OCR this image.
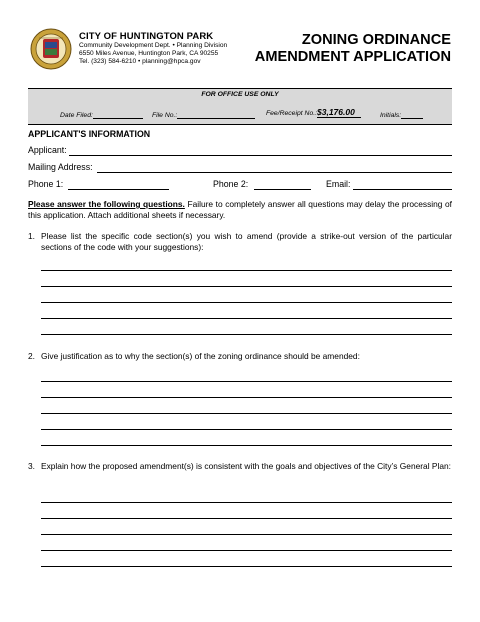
CITY OF HUNTINGTON PARK
Community Development Dept. • Planning Division
6550 Miles Avenue, Huntington Park, CA 90255
Tel. (323) 584-6210 • planning@hpca.gov
ZONING ORDINANCE
AMENDMENT APPLICATION
FOR OFFICE USE ONLY
Date Filed:	File No.:	Fee/Receipt No.:$3,176.00	Initials:
APPLICANT'S INFORMATION
Applicant:
Mailing Address:
Phone 1:	Phone 2:	Email:
Please answer the following questions. Failure to completely answer all questions may delay the processing of this application. Attach additional sheets if necessary.
1. Please list the specific code section(s) you wish to amend (provide a strike-out version of the particular sections of the code with your suggestions):
2. Give justification as to why the section(s) of the zoning ordinance should be amended:
3. Explain how the proposed amendment(s) is consistent with the goals and objectives of the City’s General Plan:
